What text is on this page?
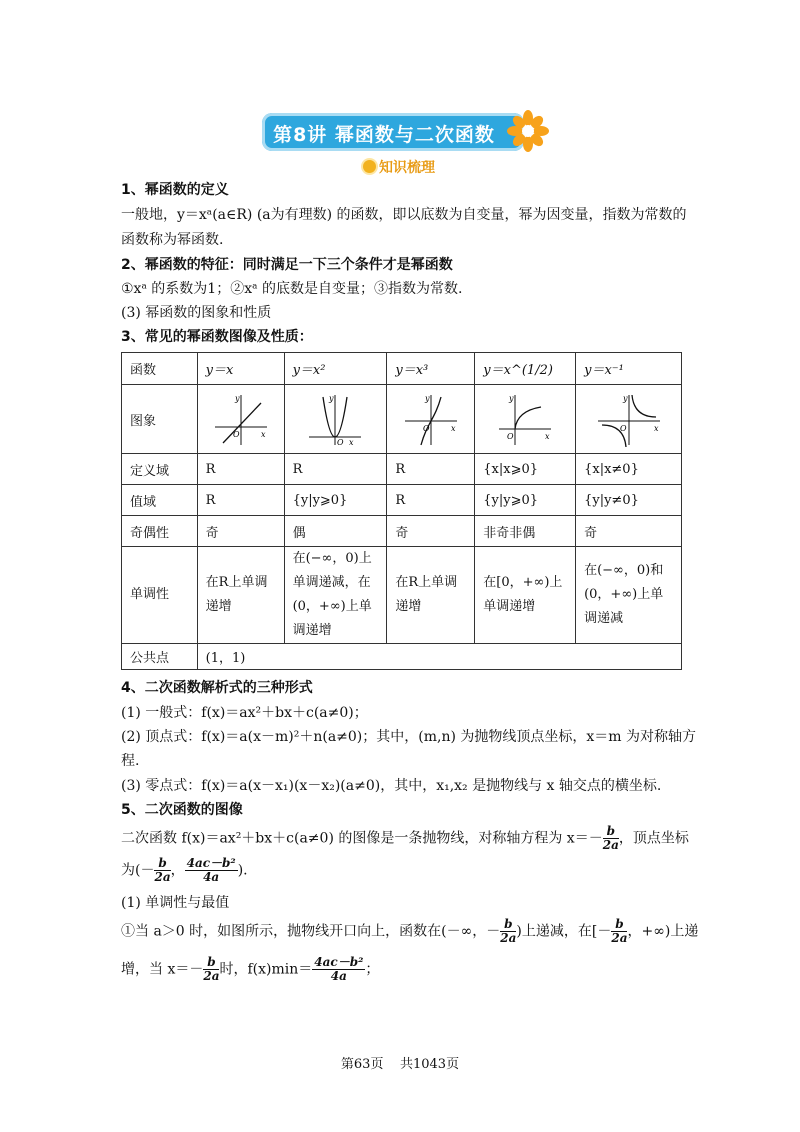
第8讲 幂函数与二次函数
知识梳理
1、幂函数的定义
一般地，y＝xᵃ(a∈R) (a为有理数) 的函数，即以底数为自变量，幂为因变量，指数为常数的
函数称为幂函数.
2、幂函数的特征：同时满足一下三个条件才是幂函数
①xᵃ 的系数为1；②xᵃ 的底数是自变量；③指数为常数.
(3) 幂函数的图象和性质
3、常见的幂函数图像及性质：
函数	y＝x	y＝x²	y＝x³	y＝x^(1/2)	y＝x⁻¹
图象	y
x
O	y
x
O	y
x
O	y
x
O	y
x
O

定义域	R	R	R	{x|x⩾0}	{x|x≠0}
值域	R	{y|y⩾0}	R	{y|y⩾0}	{y|y≠0}
奇偶性	奇	偶	奇	非奇非偶	奇
单调性	在R上单调递增	在(−∞，0)上单调递减，在(0，+∞)上单调递增	在R上单调递增	在[0，+∞)上单调递增	在(−∞，0)和(0，+∞)上单调递减
公共点	(1，1)				
4、二次函数解析式的三种形式
(1) 一般式：f(x)＝ax²＋bx＋c(a≠0)；
(2) 顶点式：f(x)＝a(x－m)²＋n(a≠0)；其中，(m,n) 为抛物线顶点坐标，x＝m 为对称轴方
程.
(3) 零点式：f(x)＝a(x－x₁)(x－x₂)(a≠0)，其中，x₁,x₂ 是抛物线与 x 轴交点的横坐标.
5、二次函数的图像
二次函数 f(x)＝ax²＋bx＋c(a≠0) 的图像是一条抛物线，对称轴方程为 $x=- \frac{b}{2a}$ ，顶点坐标
为(－ $\frac{b}{2a}$ ， $\frac{\text{4ac－b²}}{4a}$ ).
(1) 单调性与最值
①当 a＞0 时，如图所示，抛物线开口向上，函数在(－∞，－ $\frac{b}{2a}$ )上递减，在[－ $\frac{b}{2a}$ ，+∞)上递
增，当 $x=- \frac{b}{2a}$ 时，$f(x)\min= \frac{\text{4ac－b²}}{4a}$ ；
第63页 共1043页
